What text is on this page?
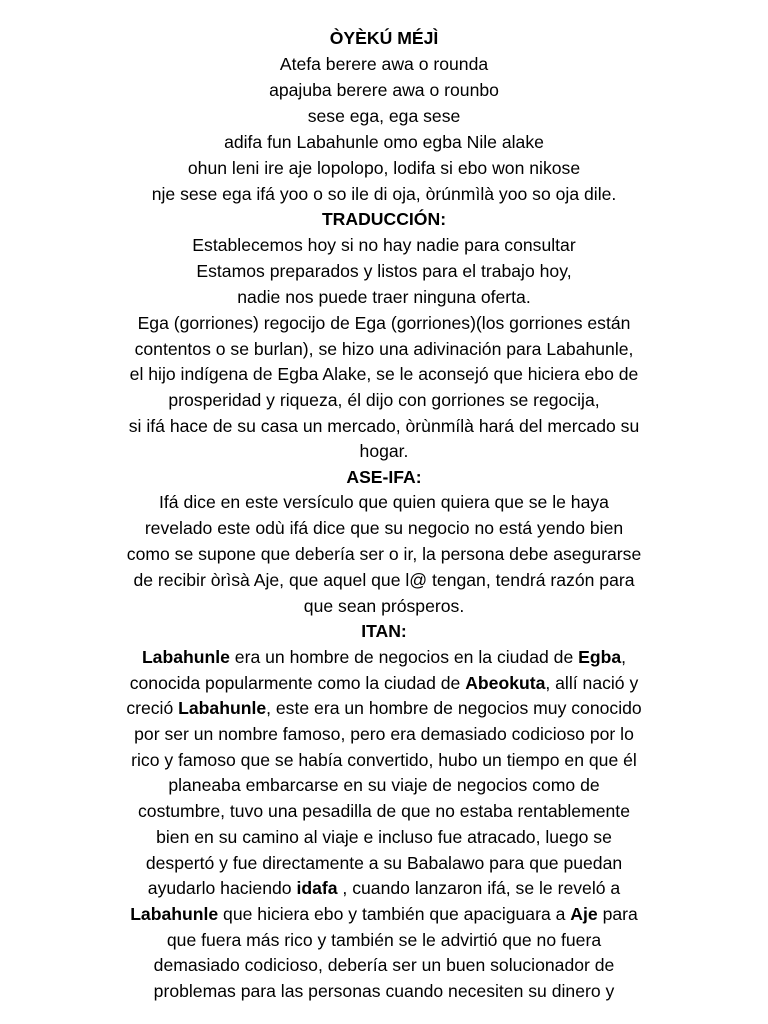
ÒYÈKÚ MÉJÌ
Atefa berere awa o rounda
apajuba berere awa o rounbo
sese ega, ega sese
adifa fun Labahunle omo egba Nile alake
ohun leni ire aje lopolopo, lodifa si ebo won nikose
nje sese ega ifá yoo o so ile di oja, òrúnmìlà yoo so oja dile.
TRADUCCIÓN:
Establecemos hoy si no hay nadie para consultar
Estamos preparados y listos para el trabajo hoy,
nadie nos puede traer ninguna oferta.
Ega (gorriones) regocijo de Ega (gorriones)(los gorriones están
contentos o se burlan), se hizo una adivinación para Labahunle,
el hijo indígena de Egba Alake, se le aconsejó que hiciera ebo de
prosperidad y riqueza, él dijo con gorriones se regocija,
si ifá hace de su casa un mercado, òrùnmílà hará del mercado su
hogar.
ASE-IFA:
Ifá dice en este versículo que quien quiera que se le haya
revelado este odù ifá dice que su negocio no está yendo bien
como se supone que debería ser o ir, la persona debe asegurarse
de recibir òrìsà Aje, que aquel que l@ tengan, tendrá razón para
que sean prósperos.
ITAN:
Labahunle era un hombre de negocios en la ciudad de Egba,
conocida popularmente como la ciudad de Abeokuta, allí nació y
creció Labahunle, este era un hombre de negocios muy conocido
por ser un nombre famoso, pero era demasiado codicioso por lo
rico y famoso que se había convertido, hubo un tiempo en que él
planeaba embarcarse en su viaje de negocios como de
costumbre, tuvo una pesadilla de que no estaba rentablemente
bien en su camino al viaje e incluso fue atracado, luego se
despertó y fue directamente a su Babalawo para que puedan
ayudarlo haciendo idafa , cuando lanzaron ifá, se le reveló a
Labahunle que hiciera ebo y también que apaciguara a Aje para
que fuera más rico y también se le advirtió que no fuera
demasiado codicioso, debería ser un buen solucionador de
problemas para las personas cuando necesiten su dinero y
